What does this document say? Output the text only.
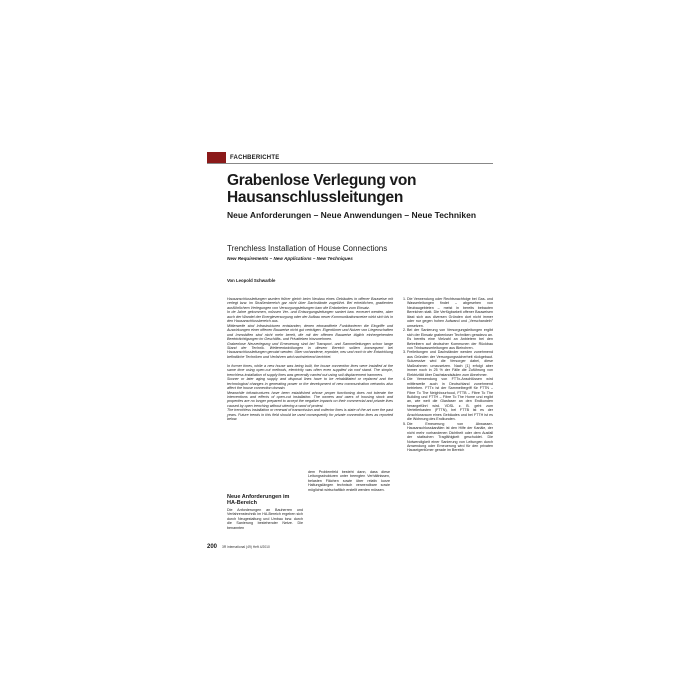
FACHBERICHTE
Grabenlose Verlegung von Hausanschlussleitungen
Neue Anforderungen – Neue Anwendungen – Neue Techniken
Trenchless Installation of House Connections
New Requirements – New Applications – New Techniques
Von Leopold Schwarble

Hausanschlussleitungen wurden früher gleich beim Neubau eines Gebäudes in offener Bauweise mit verlegt bzw. im Straßenbereich gar nicht über Dachstände zugelührt. Bei erheblichen, gradienten ausführlichem Verlegungen von Versorgungsleitungen kam die Erdarbeiten zum Einsatz.

In de Jahre gekommen, müssen Ver- und Entsorgungsleitungen saniert bzw. erneuert werden, aber auch der Wandel der Energieversorgung oder der Aufbau neuer Kommunikationsnetze wirkt sich bis in den Hausanschlussbereich aus.

Mittlerweile sind Infrastrukturen entstanden, denen einwandfreie Funktionieren die Eingriffe und Auswirkungen einer offenen Bauweise nicht gut verträgen. Eigentümer und Nutzer von Liegenschaften und Immobilien sind nicht mehr bereit, die mit der offenen Bauweise täglich einhergehenden Beeinträchtigungen im Geschäfts- und Privatleben hinzunehmen.

Grabenlose Neuverlegung und Erneuerung sind bei Transport- und Sammelleitungen schon lange Stand der Technik. Weiterentwicklungen in diesem Bereich sollten konsequent bei Hausanschlussleitungen genutzt werden. Über vorhandene, erprobte, neu und noch in der Entwicklung befindliche Techniken und Verfahren wird nachstehend berichtet.

In former times, while a new house was being built, the house connection lines were installed at the same time using open-cut methods, electricity was often even supplied via roof stand. The simple, trenchless installation of supply lines was generally carried out using soil displacement hammers.

Sooner or later aging supply and disposal lines have to be rehabilitated or replaced and the technological changes in generating power or the development of new communication networks also affect the house connection domain.

Meanwhile infrastructures have been established whose proper functioning does not tolerate the interventions and effects of open-cut installation. The owners and users of housing stock and properties are no longer prepared to accept the negative impacts on their commercial and private lives caused by open trenching without uttering a word of protest.

The trenchless installation or renewal of transmission and collector lines is state of the art over the past years. Future trends in this field should be used consequently for private connection lines as reported below.

1. Die Verwendung oder Rechtsnachfolge bei Gas- und Wasserleitungen findet – abgesehen von Neubaugebieten – meist in bereits bebauten Bereichen statt. Die Verfügbarkeit offener Bauweisen lässt sich aus diversen Gründen dort nicht immer oder nur gegen hohen Aufwand und „Verschandeln" umsetzen.
2. Bei der Sanierung von Versorgungsleitungen ergibt sich der Einsatz grabenloser Techniken geradezu an. Es bereits eine Vielzahl an Anbietern bei den Betreibern auf deutscher Kommunen der Rückbau von Trinkwasserleitungen aus Bleirohren.
3. Freileitungen und Dachständer werden zunehmend aus Gründen der Versorgungssicherheit rückgebaut. Sukzessive wird die Versorger dabei, diese Maßnahmen umzusetzen. Nach [1] erfolgt aber immer noch in 25 % der Fälle die Zuführung von Elektrizität über Dachstandsäulen zum Abnehmer.
4. Die Verwendung von FTTx-Anschlüssen wird mittlerweile auch in Deutschland zunehmend betrieben. FTTx ist der Sammelbegriff für FTTN – Fibre To The Neighbourhood, FTTB – Fibre To The Building und FTTH – Fibre To The Home und ergibt an, wie weit die Glasfaser an den Endkunden herangeführt wird. VDSL z. B. geht zum Verteilerkasten (FTTN), bei FTTB ist es der Anschlussraum eines Gebäudes und bei FTTH ist es die Wohnung des Endkunden.
5. Die Erneuerung von Abwasser-Hausanschlusskanälen ist den Hilfe der Kanäle, der nicht mehr vorhandenen Dichtheit oder dem Ausfall der statischen Tragfähigkeit geschuldet. Die Notwendigkeit einer Sanierung von Leitungen durch Anwendung oder Erneuerung wird für den privaten Hauseigentümer gerade im Bereich
Neue Anforderungen im HA-Bereich
Die Anforderungen an Bauherren und Verfahrenstechnik im HA-Bereich ergeben sich durch Neugestaltung und Umbau bzw. durch die Sanierung bestehender Netze. Die benannten
dem Problemfeld besteht dann, dass diese Leitungsstrukturen unter beengten Verhältnissen, belasten Flächen sowie über relativ kurze Haltungslängen technisch verwendbare sowie möglichst wirtschaftlich erstellt werden müssen.
200 3R international (49) Heft 4/2010
